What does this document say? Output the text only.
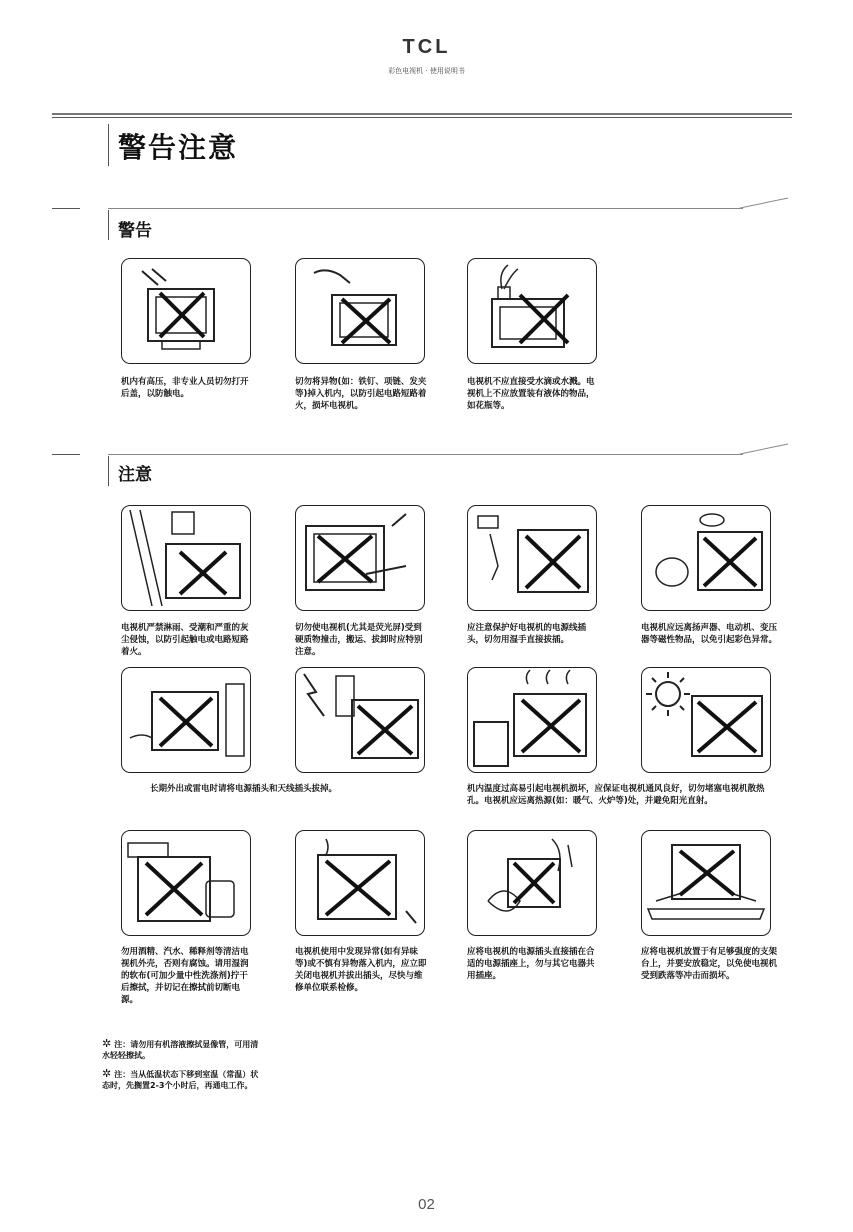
TCL
彩色电视机 · 使用说明书
警告注意
警告
机内有高压，非专业人员切勿打开后盖，以防触电。
切勿将异物(如：铁钉、项链、发夹等)掉入机内，以防引起电路短路着火，损坏电视机。
电视机不应直接受水滴或水溅。电视机上不应放置装有液体的物品，如花瓶等。
注意
电视机严禁淋雨、受潮和严重的灰尘侵蚀，以防引起触电或电路短路着火。
切勿使电视机(尤其是荧光屏)受到硬质物撞击，搬运、拔卸时应特别注意。
应注意保护好电视机的电源线插头，切勿用湿手直接拔插。
电视机应远离扬声器、电动机、变压器等磁性物品，以免引起彩色异常。
长期外出或雷电时请将电源插头和天线插头拔掉。	机内温度过高易引起电视机损坏，应保证电视机通风良好，切勿堵塞电视机散热孔。电视机应远离热源(如：暖气、火炉等)处，并避免阳光直射。
勿用酒精、汽水、稀释剂等清洁电视机外壳，否则有腐蚀。请用湿润的软布(可加少量中性洗涤剂)拧干后擦拭，并切记在擦拭前切断电源。
电视机使用中发现异常(如有异味等)或不慎有异物落入机内，应立即关闭电视机并拔出插头，尽快与维修单位联系检修。
应将电视机的电源插头直接插在合适的电源插座上，勿与其它电器共用插座。
应将电视机放置于有足够强度的支架台上，并要安放稳定，以免使电视机受到跌落等冲击而损坏。
✲ 注：请勿用有机溶液擦拭显像管，可用清水轻轻擦拭。
✲ 注：当从低温状态下移到室温（常温）状态时，先搁置2-3个小时后，再通电工作。
02
